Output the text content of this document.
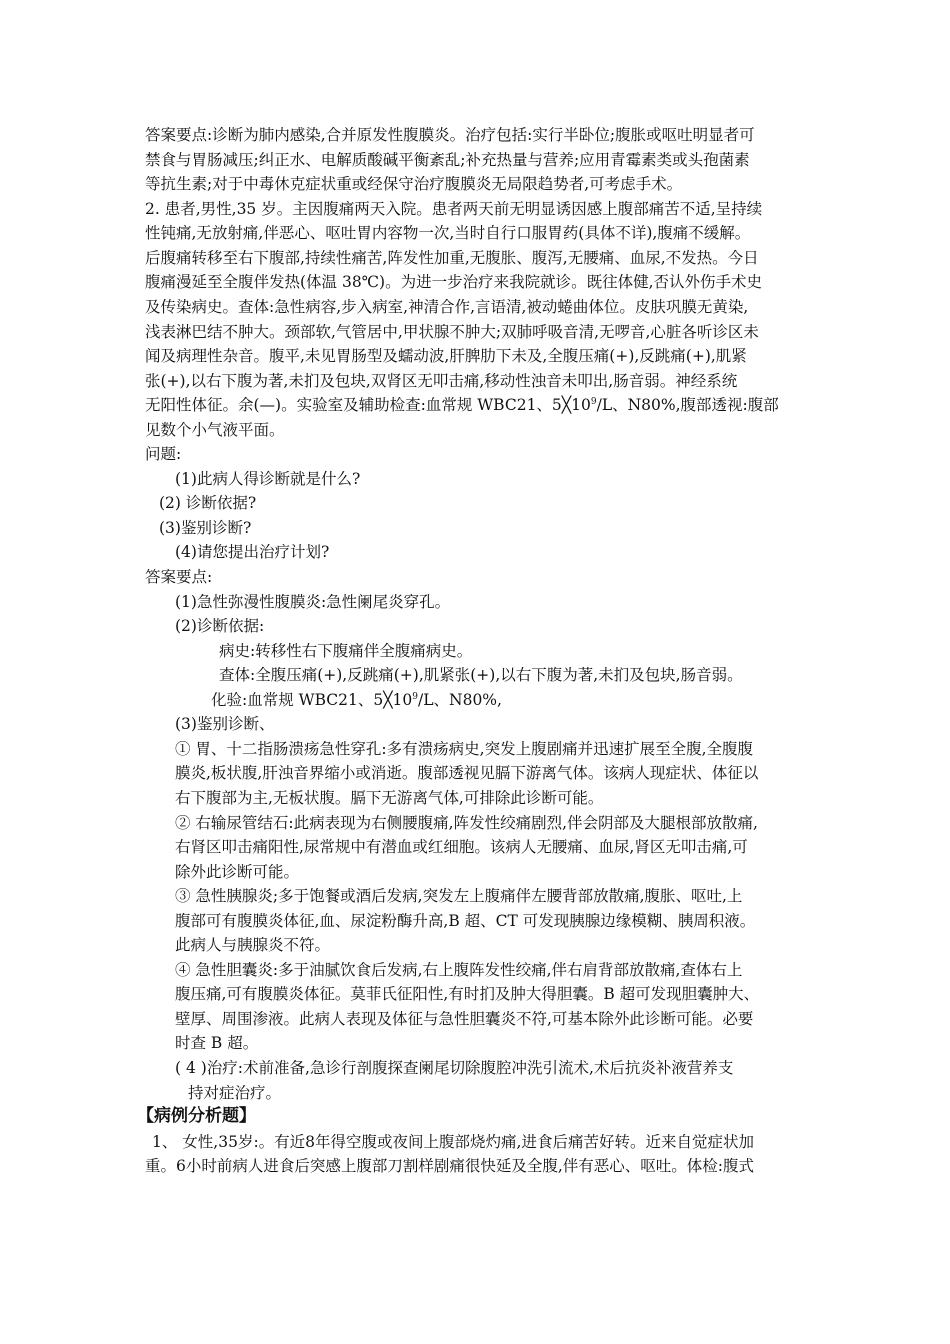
答案要点:诊断为肺内感染,合并原发性腹膜炎。治疗包括:实行半卧位;腹胀或呕吐明显者可

禁食与胃肠减压;纠正水、电解质酸碱平衡紊乱;补充热量与营养;应用青霉素类或头孢菌素

等抗生素;对于中毒休克症状重或经保守治疗腹膜炎无局限趋势者,可考虑手术。

2. 患者,男性,35 岁。主因腹痛两天入院。患者两天前无明显诱因感上腹部痛苦不适,呈持续

性钝痛,无放射痛,伴恶心、呕吐胃内容物一次,当时自行口服胃药(具体不详),腹痛不缓解。

后腹痛转移至右下腹部,持续性痛苦,阵发性加重,无腹胀、腹泻,无腰痛、血尿,不发热。今日

腹痛漫延至全腹伴发热(体温 38℃)。为进一步治疗来我院就诊。既往体健,否认外伤手术史

及传染病史。查体:急性病容,步入病室,神清合作,言语清,被动蜷曲体位。皮肤巩膜无黄染,

浅表淋巴结不肿大。颈部软,气管居中,甲状腺不肿大;双肺呼吸音清,无啰音,心脏各听诊区未

闻及病理性杂音。腹平,未见胃肠型及蠕动波,肝脾肋下未及,全腹压痛(+),反跳痛(+),肌紧

张(+),以右下腹为著,未扪及包块,双肾区无叩击痛,移动性浊音未叩出,肠音弱。神经系统

无阳性体征。余(—)。实验室及辅助检查:血常规 WBC21、$5╳10^9/L$、N80%,腹部透视:腹部

见数个小气液平面。

问题:

(1)此病人得诊断就是什么?

(2) 诊断依据?

(3)鉴别诊断?

(4)请您提出治疗计划?

答案要点:

(1)急性弥漫性腹膜炎:急性阑尾炎穿孔。

(2)诊断依据:

病史:转移性右下腹痛伴全腹痛病史。

查体:全腹压痛(+),反跳痛(+),肌紧张(+),以右下腹为著,未扪及包块,肠音弱。

化验:血常规 WBC21、$5╳10^9/L$、N80%,

(3)鉴别诊断、

① 胃、十二指肠溃疡急性穿孔:多有溃疡病史,突发上腹剧痛并迅速扩展至全腹,全腹腹

膜炎,板状腹,肝浊音界缩小或消逝。腹部透视见膈下游离气体。该病人现症状、体征以

右下腹部为主,无板状腹。膈下无游离气体,可排除此诊断可能。

② 右输尿管结石:此病表现为右侧腰腹痛,阵发性绞痛剧烈,伴会阴部及大腿根部放散痛,

右肾区叩击痛阳性,尿常规中有潜血或红细胞。该病人无腰痛、血尿,肾区无叩击痛,可

除外此诊断可能。

③ 急性胰腺炎;多于饱餐或酒后发病,突发左上腹痛伴左腰背部放散痛,腹胀、呕吐,上

腹部可有腹膜炎体征,血、尿淀粉酶升高,B 超、CT 可发现胰腺边缘模糊、胰周积液。

此病人与胰腺炎不符。

④ 急性胆囊炎:多于油腻饮食后发病,右上腹阵发性绞痛,伴右肩背部放散痛,查体右上

腹压痛,可有腹膜炎体征。莫菲氏征阳性,有时扪及肿大得胆囊。B 超可发现胆囊肿大、

壁厚、周围渗液。此病人表现及体征与急性胆囊炎不符,可基本除外此诊断可能。必要

时查 B 超。

( 4 )治疗:术前准备,急诊行剖腹探查阑尾切除腹腔冲洗引流术,术后抗炎补液营养支

持对症治疗。

【病例分析题】

1、 女性,35岁:。有近8年得空腹或夜间上腹部烧灼痛,进食后痛苦好转。近来自觉症状加

重。6小时前病人进食后突感上腹部刀割样剧痛很快延及全腹,伴有恶心、呕吐。体检:腹式
